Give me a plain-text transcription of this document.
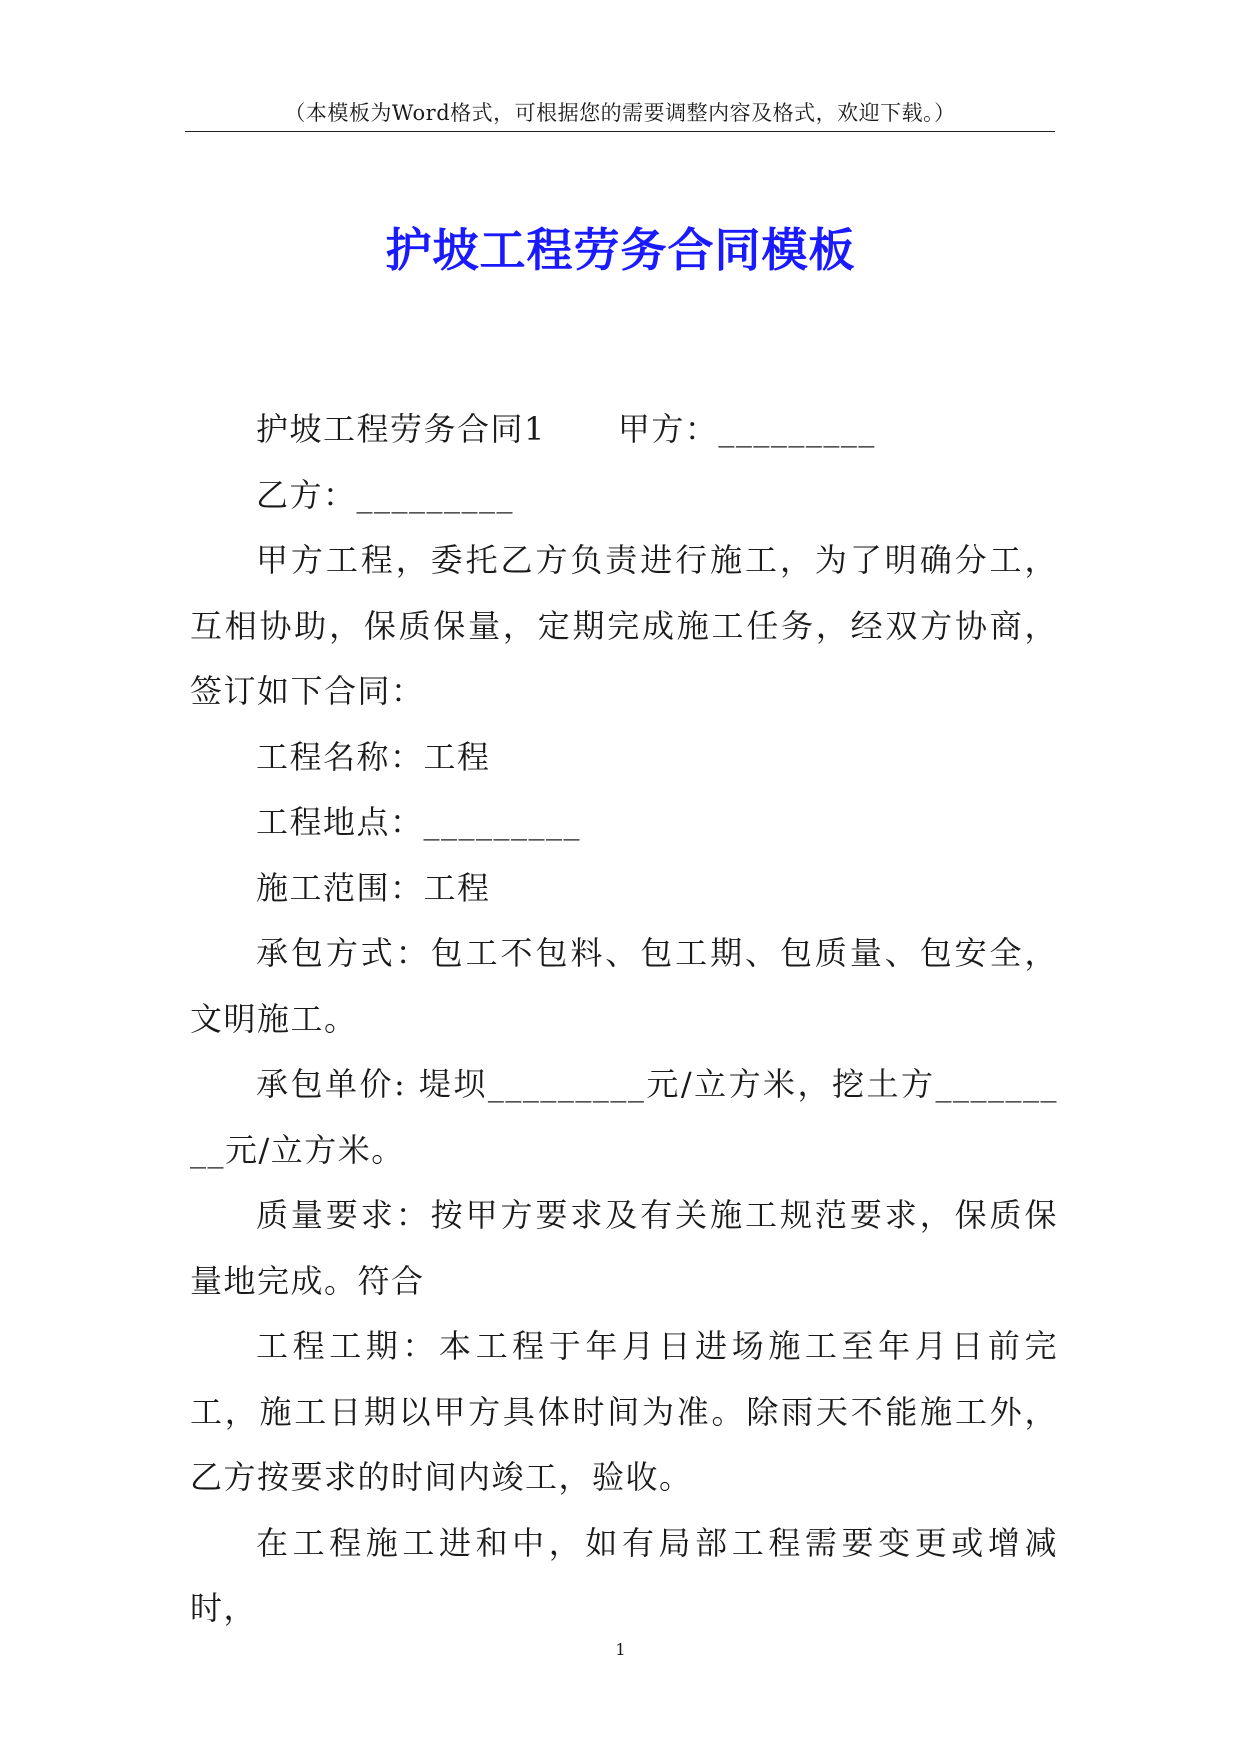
（本模板为Word格式，可根据您的需要调整内容及格式，欢迎下载。）
护坡工程劳务合同模板

护坡工程劳务合同1 甲方：_________

乙方：_________

甲方工程，委托乙方负责进行施工，为了明确分工，互相协助，保质保量，定期完成施工任务，经双方协商，签订如下合同：

工程名称：工程

工程地点：_________

施工范围：工程

承包方式：包工不包料、包工期、包质量、包安全，文明施工。

承包单价: 堤坝_________元/立方米，挖土方_________元/立方米。

质量要求：按甲方要求及有关施工规范要求，保质保量地完成。符合

工程工期：本工程于年月日进场施工至年月日前完工，施工日期以甲方具体时间为准。除雨天不能施工外，乙方按要求的时间内竣工，验收。

在工程施工进和中，如有局部工程需要变更或增减时，

1
